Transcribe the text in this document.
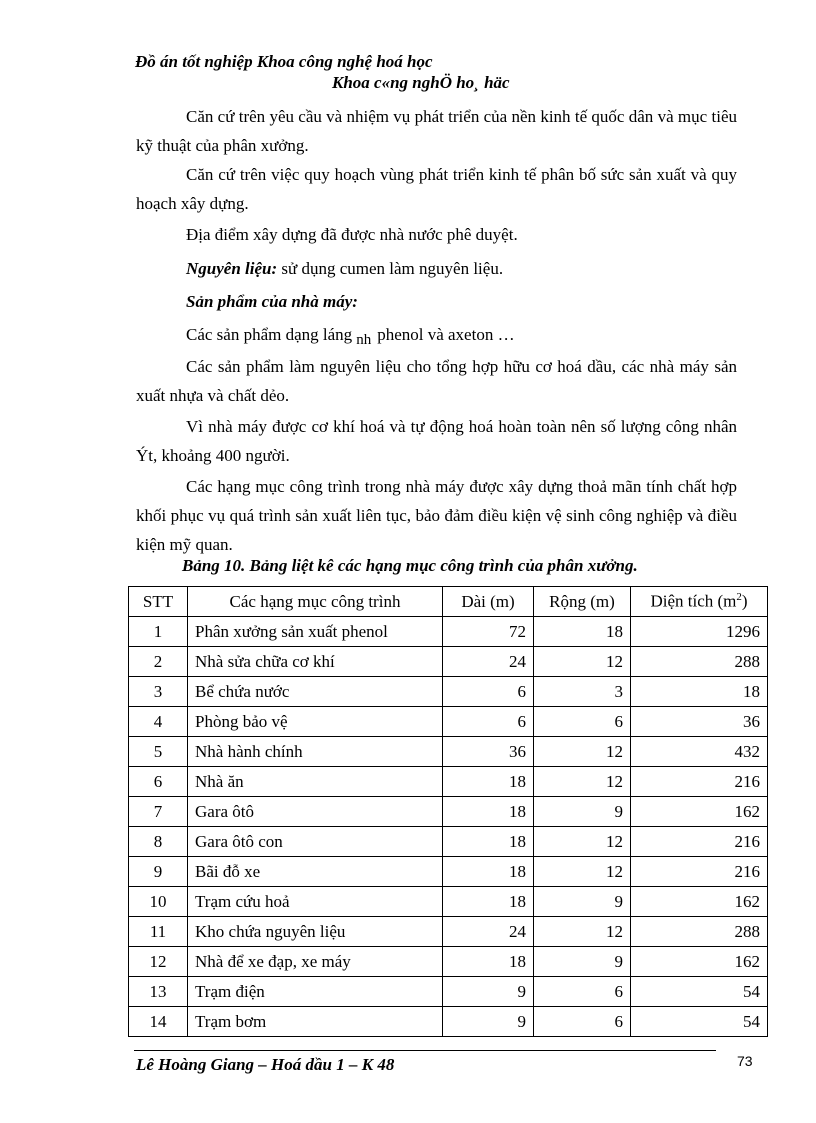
Đồ án tốt nghiệp Khoa công nghệ hoá học
Khoa c«ng nghÖ ho¸ häc

Căn cứ trên yêu cầu và nhiệm vụ phát triển của nền kinh tế quốc dân và mục tiêu kỹ thuật của phân xưởng.

Căn cứ trên việc quy hoạch vùng phát triển kinh tế phân bố sức sản xuất và quy hoạch xây dựng.

Địa điểm xây dựng đã được nhà nước phê duyệt.

Nguyên liệu: sử dụng cumen làm nguyên liệu.

Sản phẩm của nhà máy:

Các sản phẩm dạng láng nh phenol và axeton …

Các sản phẩm làm nguyên liệu cho tổng hợp hữu cơ hoá dầu, các nhà máy sản xuất nhựa và chất dẻo.

Vì nhà máy được cơ khí hoá và tự động hoá hoàn toàn nên số lượng công nhân Ýt, khoảng 400 người.

Các hạng mục công trình trong nhà máy được xây dựng thoả mãn tính chất hợp khối phục vụ quá trình sản xuất liên tục, bảo đảm điều kiện vệ sinh công nghiệp và điều kiện mỹ quan.

Bảng 10. Bảng liệt kê các hạng mục công trình của phân xưởng.
STT	Các hạng mục công trình	Dài (m)	Rộng (m)	Diện tích $(m^2)$
1	Phân xưởng sản xuất phenol	72	18	1296
2	Nhà sửa chữa cơ khí	24	12	288
3	Bể chứa nước	6	3	18
4	Phòng bảo vệ	6	6	36
5	Nhà hành chính	36	12	432
6	Nhà ăn	18	12	216
7	Gara ôtô	18	9	162
8	Gara ôtô con	18	12	216
9	Bãi đỗ xe	18	12	216
10	Trạm cứu hoả	18	9	162
11	Kho chứa nguyên liệu	24	12	288
12	Nhà để xe đạp, xe máy	18	9	162
13	Trạm điện	9	6	54
14	Trạm bơm	9	6	54
Lê Hoàng Giang – Hoá dầu 1 – K 48	73
